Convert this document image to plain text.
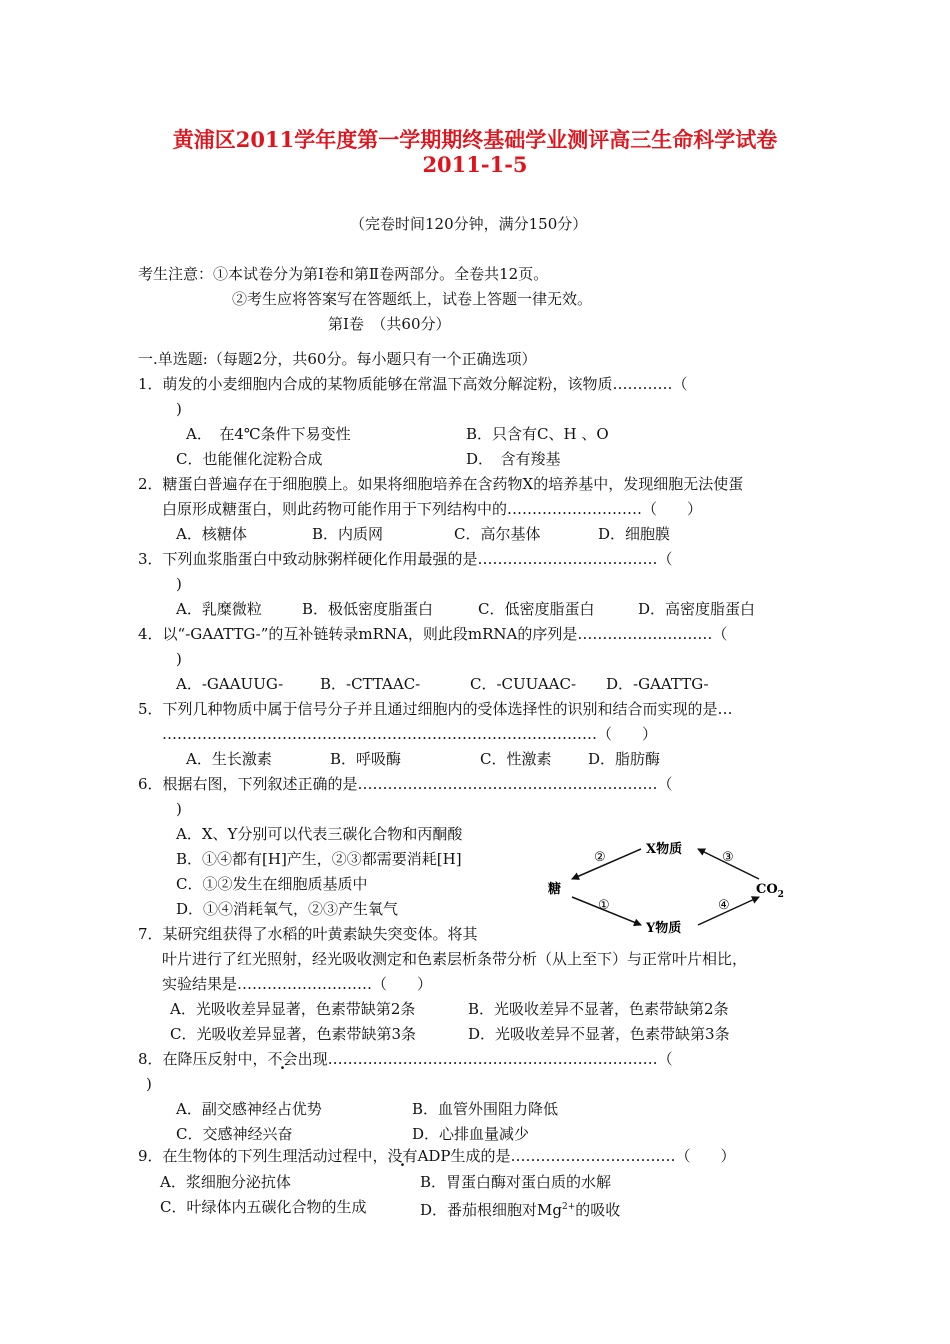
黄浦区2011学年度第一学期期终基础学业测评高三生命科学试卷
2011-1-5
（完卷时间120分钟，满分150分）
考生注意：①本试卷分为第Ⅰ卷和第Ⅱ卷两部分。全卷共12页。
②考生应将答案写在答题纸上，试卷上答题一律无效。
第Ⅰ卷　（共60分）
一.单选题:（每题2分，共60分。每小题只有一个正确选项）
1．萌发的小麦细胞内合成的某物质能够在常温下高效分解淀粉，该物质…………（
)
A．　在4℃条件下易变性	B．只含有C、H 、O
C．也能催化淀粉合成	D．　含有羧基
2．糖蛋白普遍存在于细胞膜上。如果将细胞培养在含药物X的培养基中，发现细胞无法使蛋
白原形成糖蛋白，则此药物可能作用于下列结构中的………………………（　　）
A．核糖体	B．内质网	C．高尔基体	D．细胞膜
3．下列血浆脂蛋白中致动脉粥样硬化作用最强的是………………………………（
)
A．乳糜微粒	B．极低密度脂蛋白	C．低密度脂蛋白	D．高密度脂蛋白
4．以“-GAATTG-”的互补链转录mRNA，则此段mRNA的序列是………………………（
)
A．-GAAUUG- B．-CTTAAC-	C．-CUUAAC- D．-GAATTG-
5．下列几种物质中属于信号分子并且通过细胞内的受体选择性的识别和结合而实现的是…
……………………………………………………………………………（　　）
A．生长激素	B．呼吸酶	C．性激素 D．脂肪酶
6．根据右图，下列叙述正确的是……………………………………………………（
)
A．X、Y分别可以代表三碳化合物和丙酮酸
B．①④都有[H]产生，②③都需要消耗[H]
C．①②发生在细胞质基质中
D．①④消耗氧气，②③产生氧气
X物质
Y物质
糖	$CO_2$
②
①
③
④
7．某研究组获得了水稻的叶黄素缺失突变体。将其
叶片进行了红光照射，经光吸收测定和色素层析条带分析（从上至下）与正常叶片相比，
实验结果是………………………（　　）
A．光吸收差异显著，色素带缺第2条	B．光吸收差异不显著，色素带缺第2条
C．光吸收差异显著，色素带缺第3条	D．光吸收差异不显著，色素带缺第3条
8．在降压反射中，不会出现…………………………………………………………（
)
A．副交感神经占优势	B．血管外围阻力降低
C．交感神经兴奋	D．心排血量减少
9．在生物体的下列生理活动过程中，没有ADP生成的是……………………………（　　）
A．浆细胞分泌抗体	B．胃蛋白酶对蛋白质的水解
C．叶绿体内五碳化合物的生成	D．番茄根细胞对$Mg^{2+}$的吸收
